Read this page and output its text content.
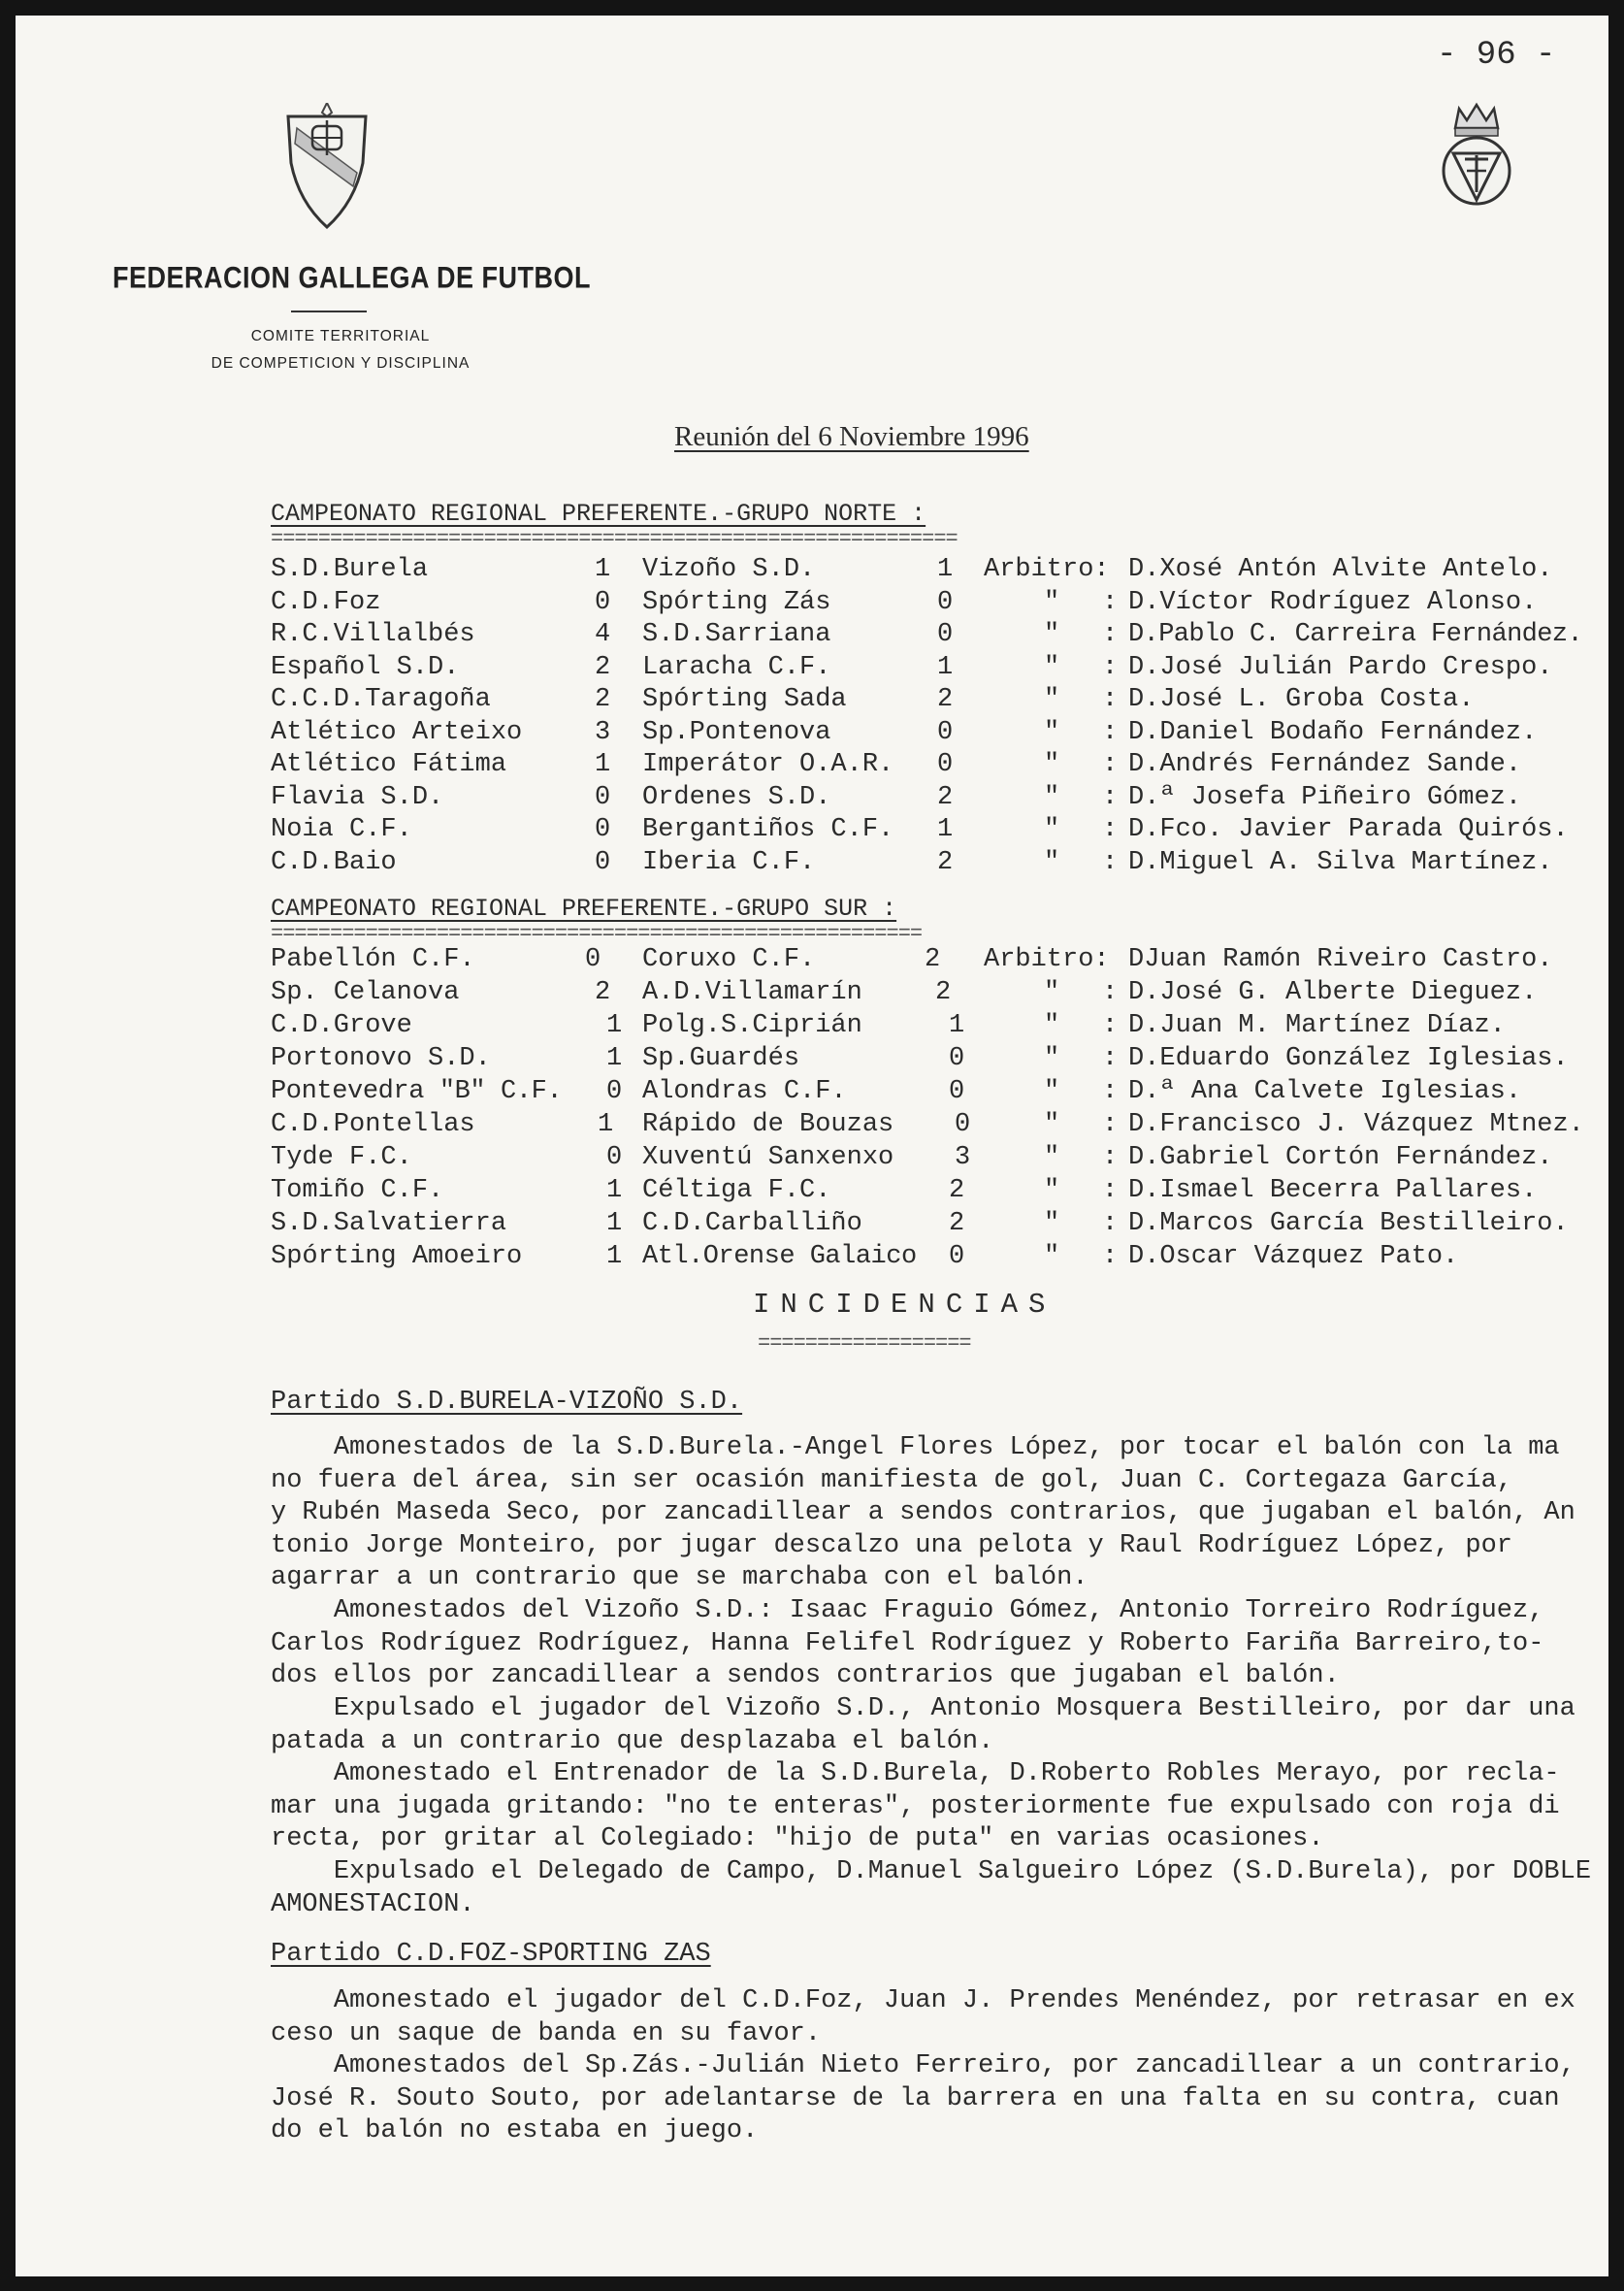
- 96 -
FEDERACION GALLEGA DE FUTBOL
COMITE TERRITORIAL
DE COMPETICION Y DISCIPLINA
Reunión del 6 Noviembre 1996
CAMPEONATO REGIONAL PREFERENTE.-GRUPO NORTE :
==========================================================
S.D.Burela	1 Vizoño S.D.	1 Arbitro: D.Xosé Antón Alvite Antelo.
C.D.Foz	0 Spórting Zás	0	" : D.Víctor Rodríguez Alonso.
R.C.Villalbés	4 S.D.Sarriana	0	" : D.Pablo C. Carreira Fernández.
Español S.D.	2 Laracha C.F.	1	" : D.José Julián Pardo Crespo.
C.C.D.Taragoña	2 Spórting Sada	2	" : D.José L. Groba Costa.
Atlético Arteixo	3 Sp.Pontenova	0	" : D.Daniel Bodaño Fernández.
Atlético Fátima	1 Imperátor O.A.R. 0	" : D.Andrés Fernández Sande.
Flavia S.D.	0 Ordenes S.D.	2	" : D.ª Josefa Piñeiro Gómez.
Noia C.F.	0 Bergantiños C.F. 1	" : D.Fco. Javier Parada Quirós.
C.D.Baio	0 Iberia C.F.	2	" : D.Miguel A. Silva Martínez.
CAMPEONATO REGIONAL PREFERENTE.-GRUPO SUR :
=======================================================
Pabellón C.F.	0 Coruxo C.F.	2 Arbitro: DJuan Ramón Riveiro Castro.
Sp. Celanova	2 A.D.Villamarín	2	" : D.José G. Alberte Dieguez.
C.D.Grove	1 Polg.S.Ciprián	1	" : D.Juan M. Martínez Díaz.
Portonovo S.D.	1 Sp.Guardés	0	" : D.Eduardo González Iglesias.
Pontevedra "B" C.F. 0 Alondras C.F.	0	" : D.ª Ana Calvete Iglesias.
C.D.Pontellas	1 Rápido de Bouzas 0	" : D.Francisco J. Vázquez Mtnez.
Tyde F.C.	0 Xuventú Sanxenxo 3	" : D.Gabriel Cortón Fernández.
Tomiño C.F.	1 Céltiga F.C.	2	" : D.Ismael Becerra Pallares.
S.D.Salvatierra	1 C.D.Carballiño	2	" : D.Marcos García Bestilleiro.
Spórting Amoeiro	1 Atl.Orense Galaico 0	" : D.Oscar Vázquez Pato.
INCIDENCIAS
==================
Partido S.D.BURELA-VIZOÑO S.D.
Amonestados de la S.D.Burela.-Angel Flores López, por tocar el balón con la ma
no fuera del área, sin ser ocasión manifiesta de gol, Juan C. Cortegaza García,
y Rubén Maseda Seco, por zancadillear a sendos contrarios, que jugaban el balón, An
tonio Jorge Monteiro, por jugar descalzo una pelota y Raul Rodríguez López, por
agarrar a un contrario que se marchaba con el balón.
Amonestados del Vizoño S.D.: Isaac Fraguio Gómez, Antonio Torreiro Rodríguez,
Carlos Rodríguez Rodríguez, Hanna Felifel Rodríguez y Roberto Fariña Barreiro,to-
dos ellos por zancadillear a sendos contrarios que jugaban el balón.
Expulsado el jugador del Vizoño S.D., Antonio Mosquera Bestilleiro, por dar una
patada a un contrario que desplazaba el balón.
Amonestado el Entrenador de la S.D.Burela, D.Roberto Robles Merayo, por recla-
mar una jugada gritando: "no te enteras", posteriormente fue expulsado con roja di
recta, por gritar al Colegiado: "hijo de puta" en varias ocasiones.
Expulsado el Delegado de Campo, D.Manuel Salgueiro López (S.D.Burela), por DOBLE
AMONESTACION.
Partido C.D.FOZ-SPORTING ZAS
Amonestado el jugador del C.D.Foz, Juan J. Prendes Menéndez, por retrasar en ex
ceso un saque de banda en su favor.
Amonestados del Sp.Zás.-Julián Nieto Ferreiro, por zancadillear a un contrario,
José R. Souto Souto, por adelantarse de la barrera en una falta en su contra, cuan
do el balón no estaba en juego.
